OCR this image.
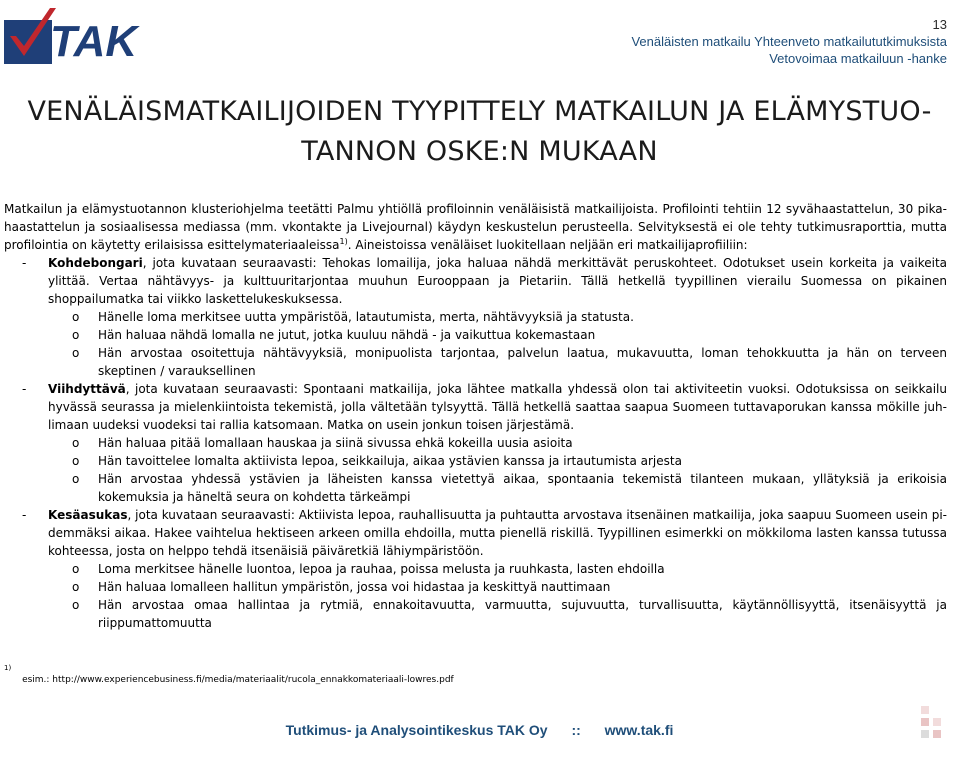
TAK	13
Venäläisten matkailu Yhteenveto matkailututkimuksista
Vetovoimaa matkailuun -hanke
VENÄLÄISMATKAILIJOIDEN TYYPITTELY MATKAILUN JA ELÄMYSTUO-
TANNON OSKE:N MUKAAN

Matkailun ja elämystuotannon klusteriohjelma teetätti Palmu yhtiöllä profiloinnin venäläisistä matkailijoista. Profilointi tehtiin 12 syvähaastattelun, 30 pika-haastattelun ja sosiaalisessa mediassa (mm. vkontakte ja Livejournal) käydyn keskustelun perusteella. Selvityksestä ei ole tehty tutkimusraporttia, mutta profilointia on käytetty erilaisissa esittelymateriaaleissa$^{1)}$. Aineistoissa venäläiset luokitellaan neljään eri matkailijaprofiiliin:

- Kohdebongari, jota kuvataan seuraavasti: Tehokas lomailija, joka haluaa nähdä merkittävät peruskohteet. Odotukset usein korkeita ja vaikeita ylittää. Vertaa nähtävyys- ja kulttuuritarjontaa muuhun Eurooppaan ja Pietariin. Tällä hetkellä tyypillinen vierailu Suomessa on pikainen shoppailumatka tai viikko laskettelukeskuksessa.
o Hänelle loma merkitsee uutta ympäristöä, latautumista, merta, nähtävyyksiä ja statusta.
o Hän haluaa nähdä lomalla ne jutut, jotka kuuluu nähdä - ja vaikuttua kokemastaan
o Hän arvostaa osoitettuja nähtävyyksiä, monipuolista tarjontaa, palvelun laatua, mukavuutta, loman tehokkuutta ja hän on terveen skeptinen / varauksellinen
- Viihdyttävä, jota kuvataan seuraavasti: Spontaani matkailija, joka lähtee matkalla yhdessä olon tai aktiviteetin vuoksi. Odotuksissa on seikkailu hyvässä seurassa ja mielenkiintoista tekemistä, jolla vältetään tylsyyttä. Tällä hetkellä saattaa saapua Suomeen tuttavaporukan kanssa mökille juhlimaan uudeksi vuodeksi tai rallia katsomaan. Matka on usein jonkun toisen järjestämä.
o Hän haluaa pitää lomallaan hauskaa ja siinä sivussa ehkä kokeilla uusia asioita
o Hän tavoittelee lomalta aktiivista lepoa, seikkailuja, aikaa ystävien kanssa ja irtautumista arjesta
o Hän arvostaa yhdessä ystävien ja läheisten kanssa vietettyä aikaa, spontaania tekemistä tilanteen mukaan, yllätyksiä ja erikoisia kokemuksia ja häneltä seura on kohdetta tärkeämpi
- Kesäasukas, jota kuvataan seuraavasti: Aktiivista lepoa, rauhallisuutta ja puhtautta arvostava itsenäinen matkailija, joka saapuu Suomeen usein pidemmäksi aikaa. Hakee vaihtelua hektiseen arkeen omilla ehdoilla, mutta pienellä riskillä. Tyypillinen esimerkki on mökkiloma lasten kanssa tutussa kohteessa, josta on helppo tehdä itsenäisiä päiväretkiä lähiympäristöön.
o Loma merkitsee hänelle luontoa, lepoa ja rauhaa, poissa melusta ja ruuhkasta, lasten ehdoilla
o Hän haluaa lomalleen hallitun ympäristön, jossa voi hidastaa ja keskittyä nauttimaan
o Hän arvostaa omaa hallintaa ja rytmiä, ennakoitavuutta, varmuutta, sujuvuutta, turvallisuutta, käytännöllisyyttä, itsenäisyyttä ja riippumattomuutta
$^{1)}$ esim.: http://www.experiencebusiness.fi/media/materiaalit/rucola_ennakkomateriaali-lowres.pdf
Tutkimus- ja Analysointikeskus TAK Oy :: www.tak.fi
